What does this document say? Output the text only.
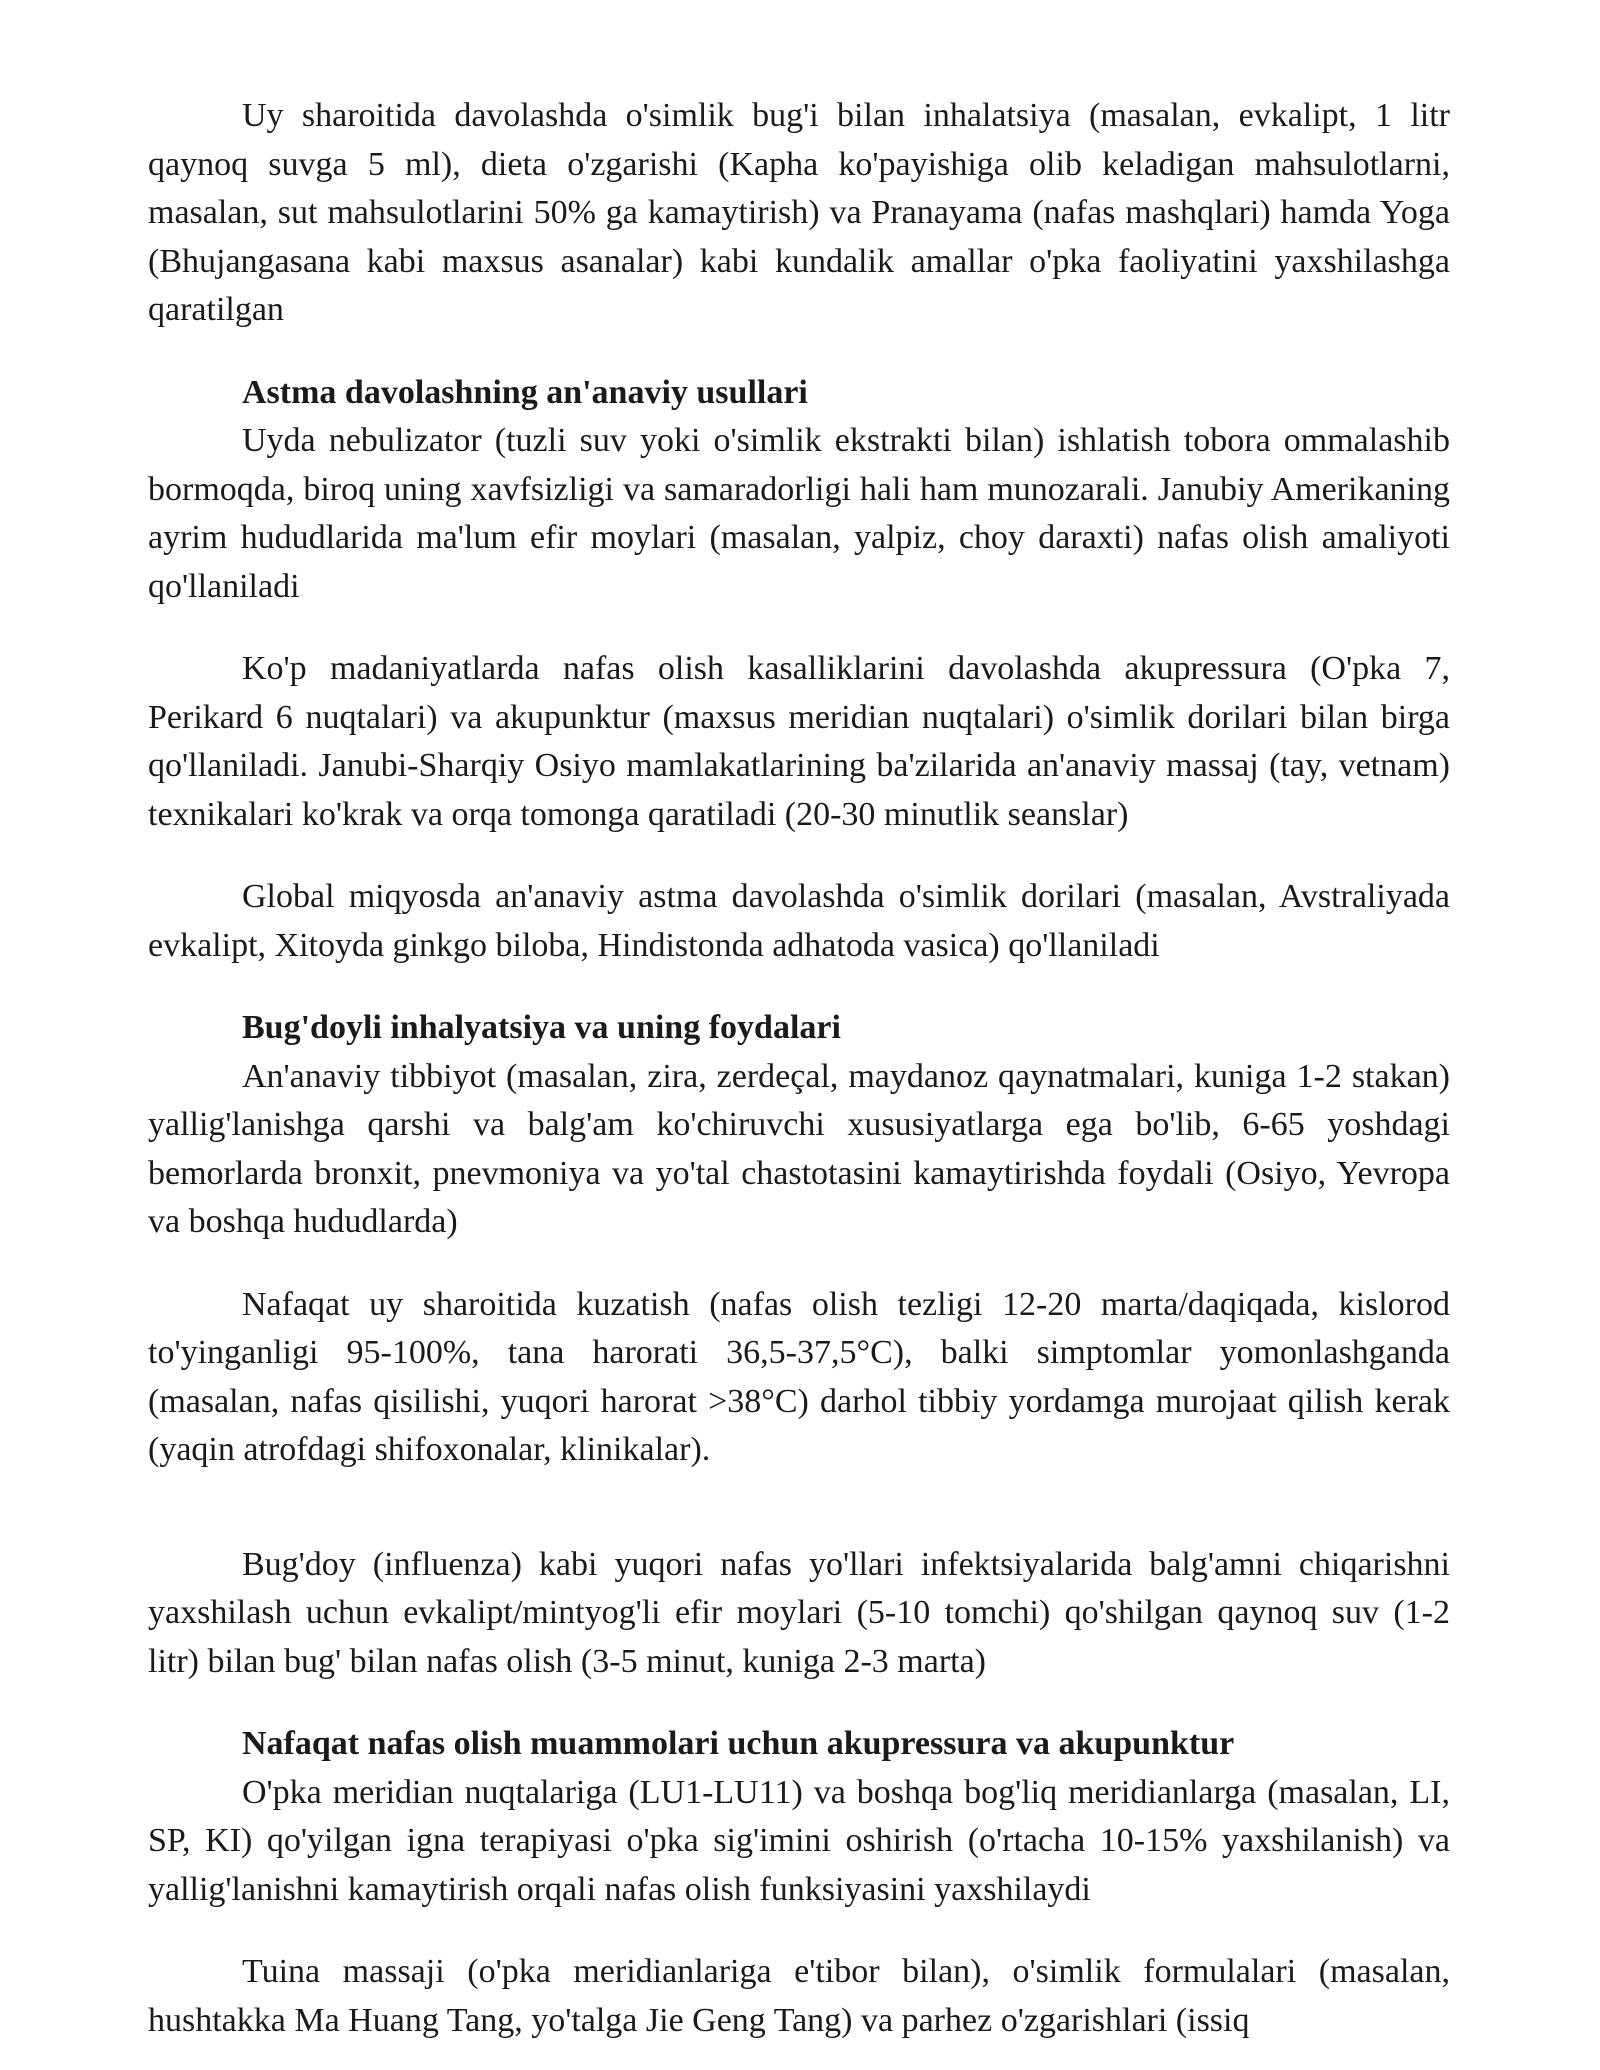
Uy sharoitida davolashda o'simlik bug'i bilan inhalatsiya (masalan, evkalipt, 1 litr qaynoq suvga 5 ml), dieta o'zgarishi (Kapha ko'payishiga olib keladigan mahsulotlarni, masalan, sut mahsulotlarini 50% ga kamaytirish) va Pranayama (nafas mashqlari) hamda Yoga (Bhujangasana kabi maxsus asanalar) kabi kundalik amallar o'pka faoliyatini yaxshilashga qaratilgan

Astma davolashning an'anaviy usullari

Uyda nebulizator (tuzli suv yoki o'simlik ekstrakti bilan) ishlatish tobora ommalashib bormoqda, biroq uning xavfsizligi va samaradorligi hali ham munozarali. Janubiy Amerikaning ayrim hududlarida ma'lum efir moylari (masalan, yalpiz, choy daraxti) nafas olish amaliyoti qo'llaniladi

Ko'p madaniyatlarda nafas olish kasalliklarini davolashda akupressura (O'pka 7, Perikard 6 nuqtalari) va akupunktur (maxsus meridian nuqtalari) o'simlik dorilari bilan birga qo'llaniladi. Janubi-Sharqiy Osiyo mamlakatlarining ba'zilarida an'anaviy massaj (tay, vetnam) texnikalari ko'krak va orqa tomonga qaratiladi (20-30 minutlik seanslar)

Global miqyosda an'anaviy astma davolashda o'simlik dorilari (masalan, Avstraliyada evkalipt, Xitoyda ginkgo biloba, Hindistonda adhatoda vasica) qo'llaniladi

Bug'doyli inhalyatsiya va uning foydalari

An'anaviy tibbiyot (masalan, zira, zerdeçal, maydanoz qaynatmalari, kuniga 1-2 stakan) yallig'lanishga qarshi va balg'am ko'chiruvchi xususiyatlarga ega bo'lib, 6-65 yoshdagi bemorlarda bronxit, pnevmoniya va yo'tal chastotasini kamaytirishda foydali (Osiyo, Yevropa va boshqa hududlarda)

Nafaqat uy sharoitida kuzatish (nafas olish tezligi 12-20 marta/daqiqada, kislorod to'yinganligi 95-100%, tana harorati 36,5-37,5°C), balki simptomlar yomonlashganda (masalan, nafas qisilishi, yuqori harorat >38°C) darhol tibbiy yordamga murojaat qilish kerak (yaqin atrofdagi shifoxonalar, klinikalar).

Bug'doy (influenza) kabi yuqori nafas yo'llari infektsiyalarida balg'amni chiqarishni yaxshilash uchun evkalipt/mintyog'li efir moylari (5-10 tomchi) qo'shilgan qaynoq suv (1-2 litr) bilan bug' bilan nafas olish (3-5 minut, kuniga 2-3 marta)

Nafaqat nafas olish muammolari uchun akupressura va akupunktur

O'pka meridian nuqtalariga (LU1-LU11) va boshqa bog'liq meridianlarga (masalan, LI, SP, KI) qo'yilgan igna terapiyasi o'pka sig'imini oshirish (o'rtacha 10-15% yaxshilanish) va yallig'lanishni kamaytirish orqali nafas olish funksiyasini yaxshilaydi

Tuina massaji (o'pka meridianlariga e'tibor bilan), o'simlik formulalari (masalan, hushtakka Ma Huang Tang, yo'talga Jie Geng Tang) va parhez o'zgarishlari (issiq
